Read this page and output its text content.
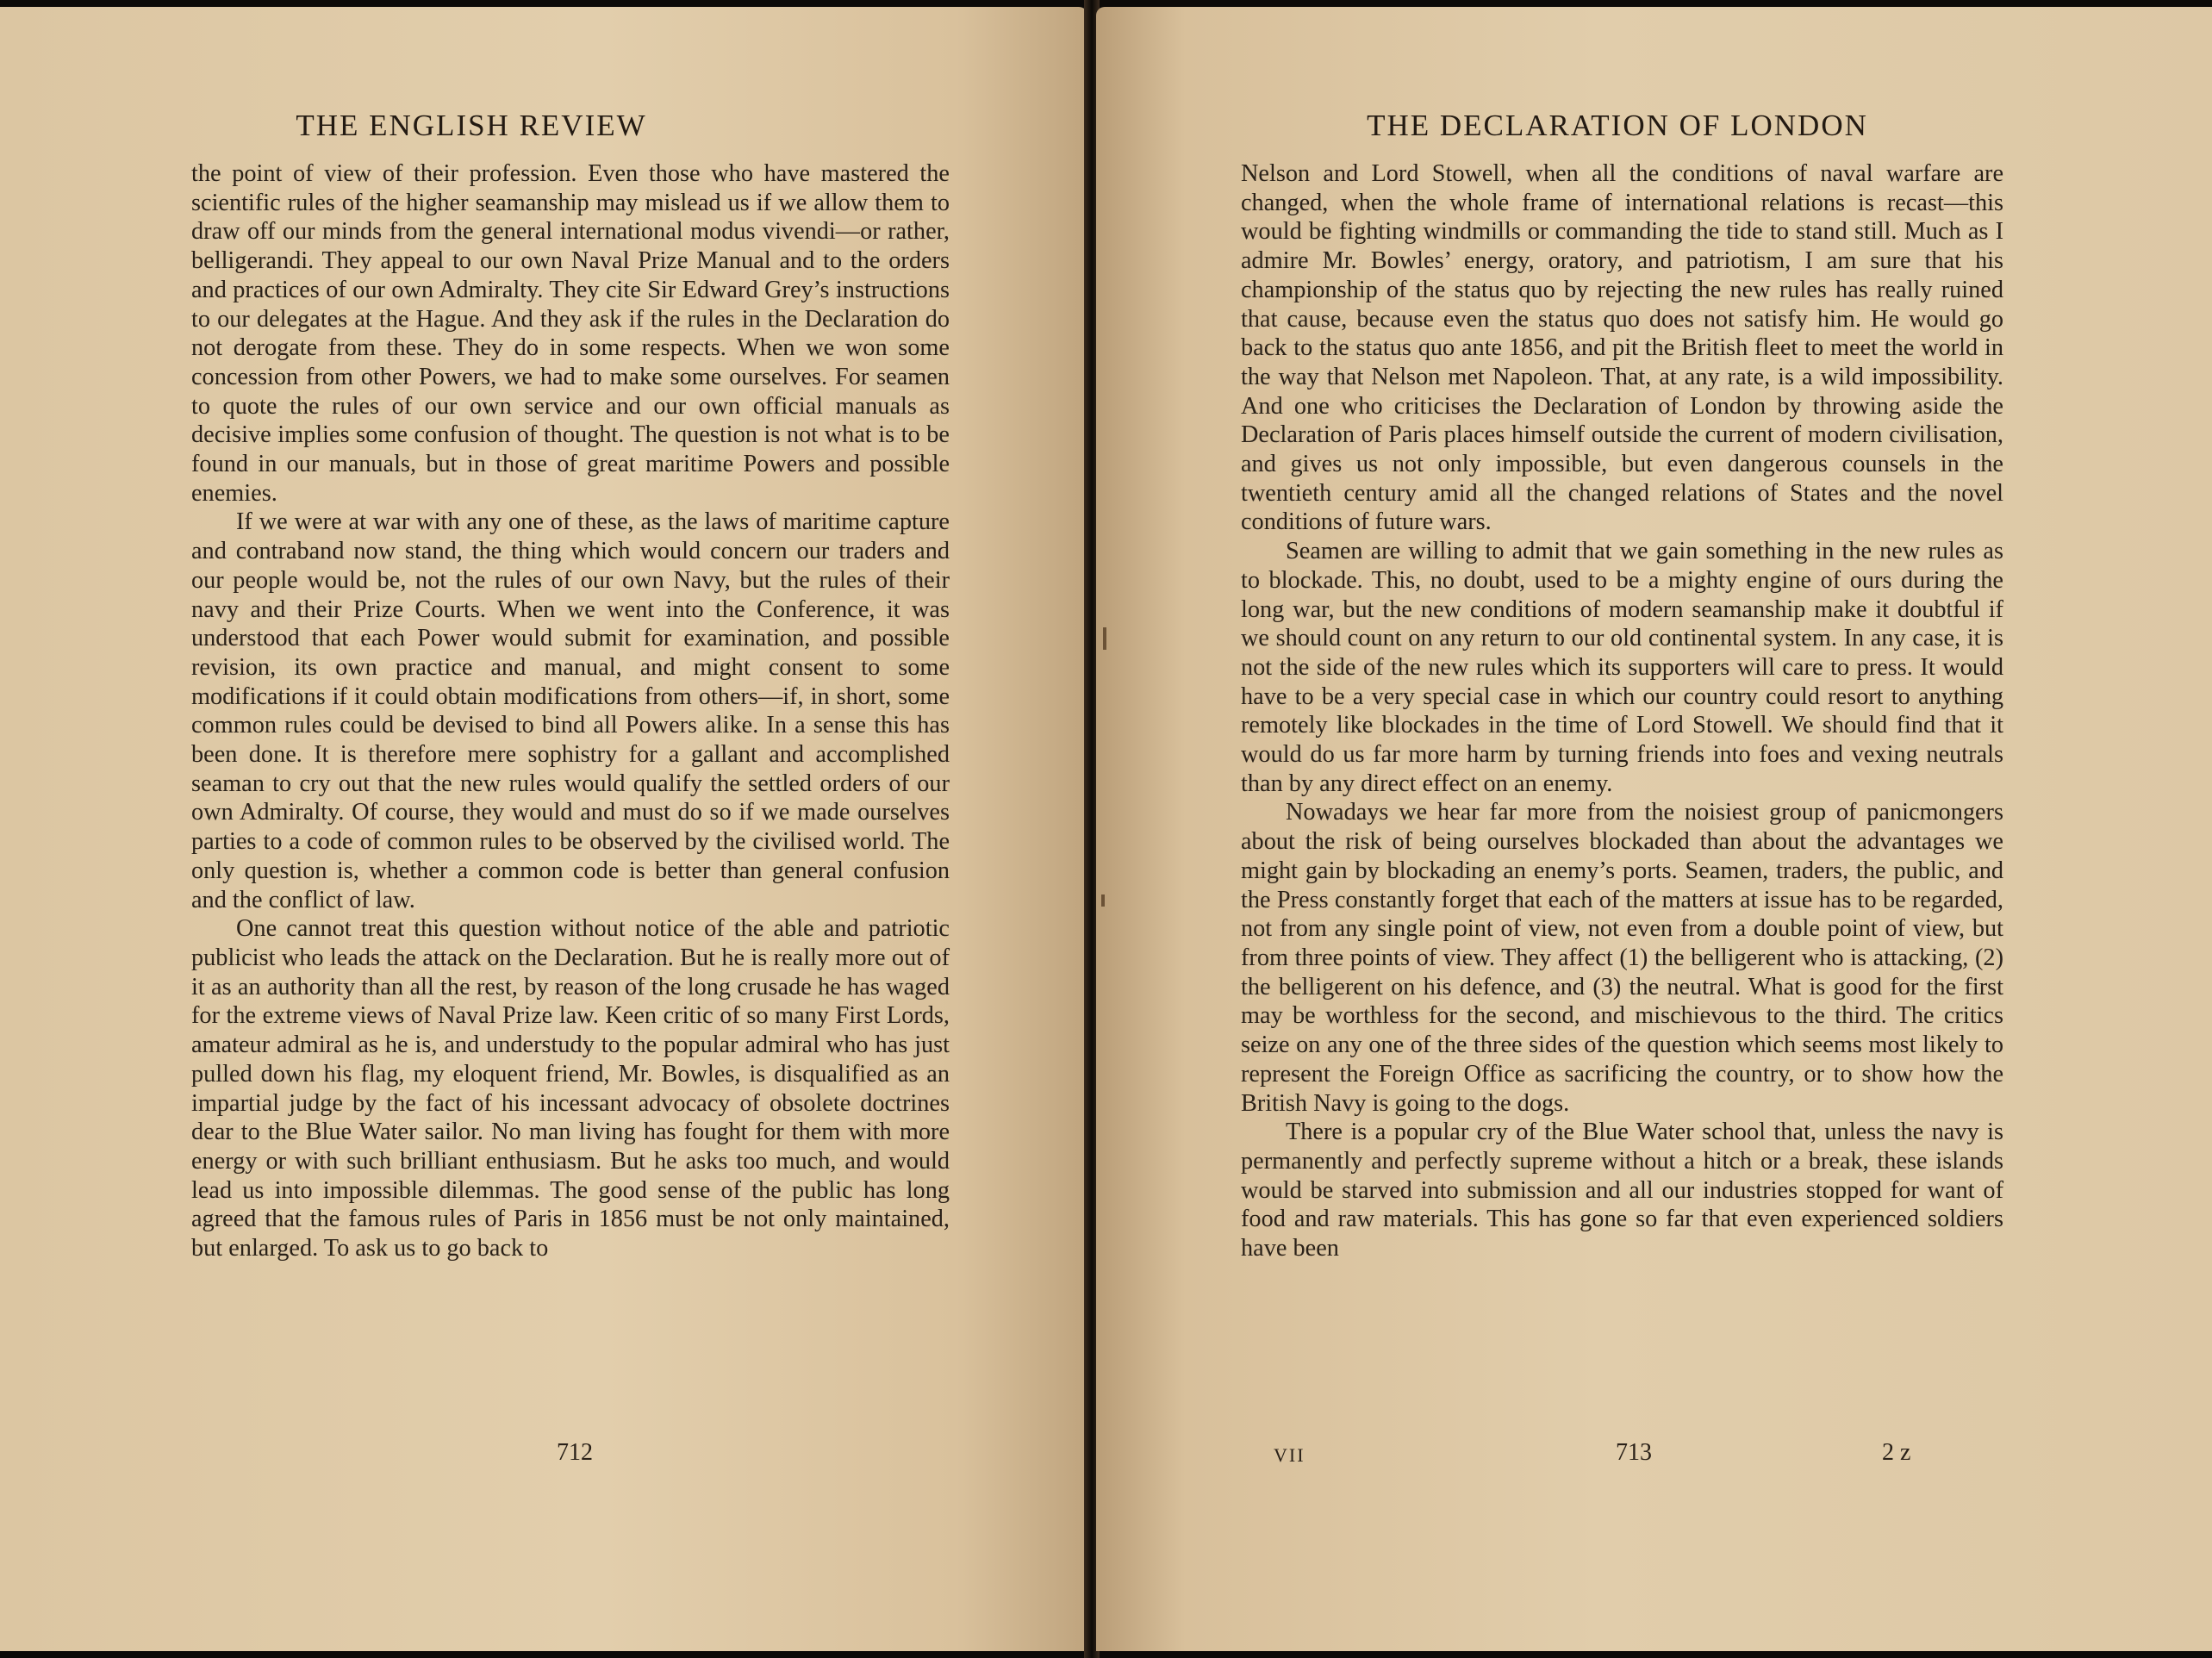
THE ENGLISH REVIEW

the point of view of their profession. Even those who have mastered the scientific rules of the higher seamanship may mislead us if we allow them to draw off our minds from the general international modus vivendi—or rather, belligerandi. They appeal to our own Naval Prize Manual and to the orders and practices of our own Admiralty. They cite Sir Edward Grey’s instructions to our delegates at the Hague. And they ask if the rules in the Declaration do not derogate from these. They do in some respects. When we won some concession from other Powers, we had to make some ourselves. For seamen to quote the rules of our own service and our own official manuals as decisive implies some confusion of thought. The question is not what is to be found in our manuals, but in those of great maritime Powers and possible enemies.

If we were at war with any one of these, as the laws of maritime capture and contraband now stand, the thing which would concern our traders and our people would be, not the rules of our own Navy, but the rules of their navy and their Prize Courts. When we went into the Conference, it was understood that each Power would submit for examination, and possible revision, its own practice and manual, and might consent to some modifications if it could obtain modifications from others—if, in short, some common rules could be devised to bind all Powers alike. In a sense this has been done. It is therefore mere sophistry for a gallant and accomplished seaman to cry out that the new rules would qualify the settled orders of our own Admiralty. Of course, they would and must do so if we made ourselves parties to a code of common rules to be observed by the civilised world. The only question is, whether a common code is better than general confusion and the conflict of law.

One cannot treat this question without notice of the able and patriotic publicist who leads the attack on the Declaration. But he is really more out of it as an authority than all the rest, by reason of the long crusade he has waged for the extreme views of Naval Prize law. Keen critic of so many First Lords, amateur admiral as he is, and understudy to the popular admiral who has just pulled down his flag, my eloquent friend, Mr. Bowles, is disqualified as an impartial judge by the fact of his incessant advocacy of obsolete doctrines dear to the Blue Water sailor. No man living has fought for them with more energy or with such brilliant enthusiasm. But he asks too much, and would lead us into impossible dilemmas. The good sense of the public has long agreed that the famous rules of Paris in 1856 must be not only maintained, but enlarged. To ask us to go back to

712
THE DECLARATION OF LONDON

Nelson and Lord Stowell, when all the conditions of naval warfare are changed, when the whole frame of international relations is recast—this would be fighting windmills or commanding the tide to stand still. Much as I admire Mr. Bowles’ energy, oratory, and patriotism, I am sure that his championship of the status quo by rejecting the new rules has really ruined that cause, because even the status quo does not satisfy him. He would go back to the status quo ante 1856, and pit the British fleet to meet the world in the way that Nelson met Napoleon. That, at any rate, is a wild impossibility. And one who criticises the Declaration of London by throwing aside the Declaration of Paris places himself outside the current of modern civilisation, and gives us not only impossible, but even dangerous counsels in the twentieth century amid all the changed relations of States and the novel conditions of future wars.

Seamen are willing to admit that we gain something in the new rules as to blockade. This, no doubt, used to be a mighty engine of ours during the long war, but the new conditions of modern seamanship make it doubtful if we should count on any return to our old continental system. In any case, it is not the side of the new rules which its supporters will care to press. It would have to be a very special case in which our country could resort to anything remotely like blockades in the time of Lord Stowell. We should find that it would do us far more harm by turning friends into foes and vexing neutrals than by any direct effect on an enemy.

Nowadays we hear far more from the noisiest group of panicmongers about the risk of being ourselves blockaded than about the advantages we might gain by blockading an enemy’s ports. Seamen, traders, the public, and the Press constantly forget that each of the matters at issue has to be regarded, not from any single point of view, not even from a double point of view, but from three points of view. They affect (1) the belligerent who is attacking, (2) the belligerent on his defence, and (3) the neutral. What is good for the first may be worthless for the second, and mischievous to the third. The critics seize on any one of the three sides of the question which seems most likely to represent the Foreign Office as sacrificing the country, or to show how the British Navy is going to the dogs.

There is a popular cry of the Blue Water school that, unless the navy is permanently and perfectly supreme without a hitch or a break, these islands would be starved into submission and all our industries stopped for want of food and raw materials. This has gone so far that even experienced soldiers have been

VII	713	2 z
